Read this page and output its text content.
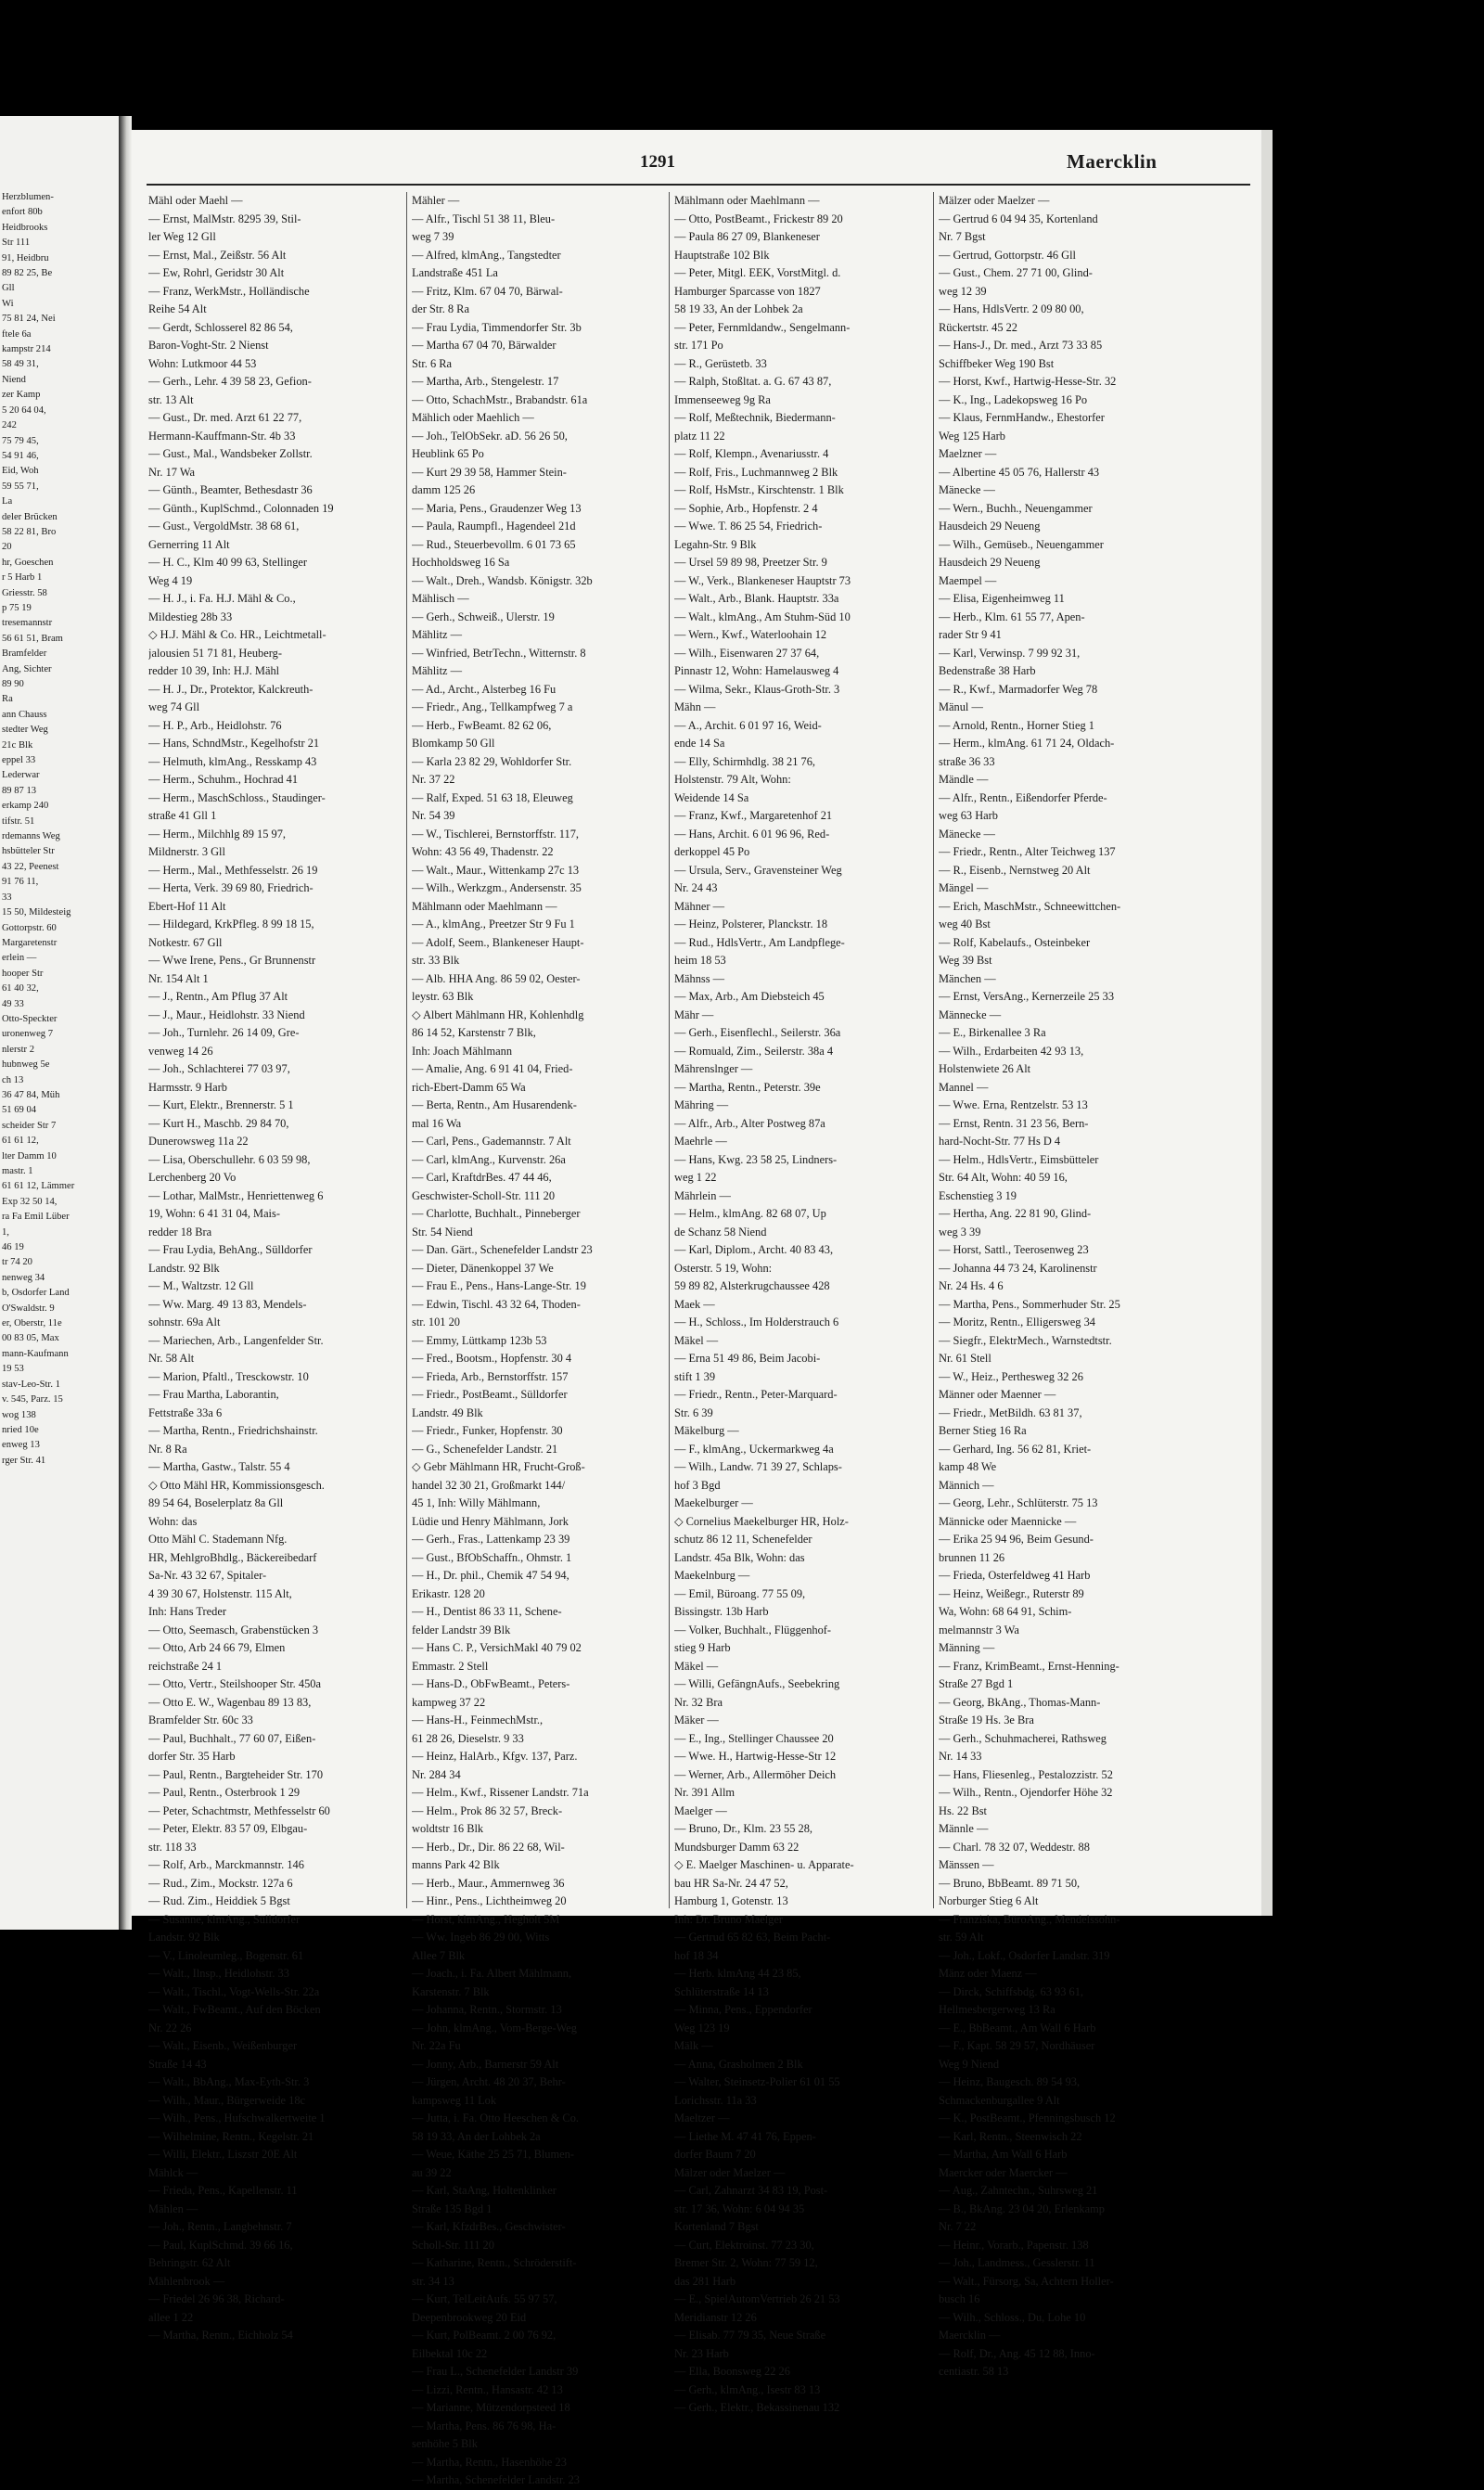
Herzblumen-
enfort 80b
Heidbrooks
Str 111
91, Heidbru
89 82 25, Be
Gll
Wi
75 81 24, Nei
ftele 6a
kampstr 214
58 49 31,
Niend
zer Kamp
5 20 64 04,
242
75 79 45,
54 91 46,
Eid, Woh
59 55 71,
La
deler Brücken
58 22 81, Bro
20
hr, Goeschen
r 5 Harb 1
Griesstr. 58
p 75 19
tresemannstr
56 61 51, Bram
Bramfelder
Ang, Sichter
89 90
Ra
ann Chauss
stedter Weg
21c Blk
eppel 33
Lederwar
89 87 13
erkamp 240
tifstr. 51
rdemanns Weg
hsbütteler Str
43 22, Peenest
91 76 11,
33
15 50, Mildesteig
Gottorpstr. 60
Margaretenstr
erlein —
hooper Str
61 40 32,
49 33
Otto-Speckter
uronenweg 7
nlerstr 2
hubnweg 5e
ch 13
36 47 84, Müh
51 69 04
scheider Str 7
61 61 12,
lter Damm 10
mastr. 1
61 61 12, Lämmer
Exp 32 50 14,
ra Fa Emil Lüber
1,
46 19
tr 74 20
nenweg 34
b, Osdorfer Land
O'Swaldstr. 9
er, Oberstr, 11e
00 83 05, Max
mann-Kaufmann
19 53
stav-Leo-Str. 1
v. 545, Parz. 15
wog 138
nried 10e
enweg 13
rger Str. 41
1291	Maercklin
Mähl oder Maehl —
— Ernst, MalMstr. 8295 39, Stil-
ler Weg 12 Gll
— Ernst, Mal., Zeißstr. 56 Alt
— Ew, Rohrl, Geridstr 30 Alt
— Franz, WerkMstr., Holländische
Reihe 54 Alt
— Gerdt, Schlosserel 82 86 54,
Baron-Voght-Str. 2 Nienst
Wohn: Lutkmoor 44 53
— Gerh., Lehr. 4 39 58 23, Gefion-
str. 13 Alt
— Gust., Dr. med. Arzt 61 22 77,
Hermann-Kauffmann-Str. 4b 33
— Gust., Mal., Wandsbeker Zollstr.
Nr. 17 Wa
— Günth., Beamter, Bethesdastr 36
— Günth., KuplSchmd., Colonnaden 19
— Gust., VergoldMstr. 38 68 61,
Gernerring 11 Alt
— H. C., Klm 40 99 63, Stellinger
Weg 4 19
— H. J., i. Fa. H.J. Mähl & Co.,
Mildestieg 28b 33
◇ H.J. Mähl & Co. HR., Leichtmetall-
jalousien 51 71 81, Heuberg-
redder 10 39, Inh: H.J. Mähl
— H. J., Dr., Protektor, Kalckreuth-
weg 74 Gll
— H. P., Arb., Heidlohstr. 76
— Hans, SchndMstr., Kegelhofstr 21
— Helmuth, klmAng., Resskamp 43
— Herm., Schuhm., Hochrad 41
— Herm., MaschSchloss., Staudinger-
straße 41 Gll 1
— Herm., Milchhlg 89 15 97,
Mildnerstr. 3 Gll
— Herm., Mal., Methfesselstr. 26 19
— Herta, Verk. 39 69 80, Friedrich-
Ebert-Hof 11 Alt
— Hildegard, KrkPfleg. 8 99 18 15,
Notkestr. 67 Gll
— Wwe Irene, Pens., Gr Brunnenstr
Nr. 154 Alt 1
— J., Rentn., Am Pflug 37 Alt
— J., Maur., Heidlohstr. 33 Niend
— Joh., Turnlehr. 26 14 09, Gre-
venweg 14 26
— Joh., Schlachterei 77 03 97,
Harmsstr. 9 Harb
— Kurt, Elektr., Brennerstr. 5 1
— Kurt H., Maschb. 29 84 70,
Dunerowsweg 11a 22
— Lisa, Oberschullehr. 6 03 59 98,
Lerchenberg 20 Vo
— Lothar, MalMstr., Henriettenweg 6
19, Wohn: 6 41 31 04, Mais-
redder 18 Bra
— Frau Lydia, BehAng., Sülldorfer
Landstr. 92 Blk
— M., Waltzstr. 12 Gll
— Ww. Marg. 49 13 83, Mendels-
sohnstr. 69a Alt
— Mariechen, Arb., Langenfelder Str.
Nr. 58 Alt
— Marion, Pfaltl., Tresckowstr. 10
— Frau Martha, Laborantin,
Fettstraße 33a 6
— Martha, Rentn., Friedrichshainstr.
Nr. 8 Ra
— Martha, Gastw., Talstr. 55 4
◇ Otto Mähl HR, Kommissionsgesch.
89 54 64, Boselerplatz 8a Gll
Wohn: das
Otto Mähl C. Stademann Nfg.
HR, MehlgroBhdlg., Bäckereibedarf
Sa-Nr. 43 32 67, Spitaler-
4 39 30 67, Holstenstr. 115 Alt,
Inh: Hans Treder
— Otto, Seemasch, Grabenstücken 3
— Otto, Arb 24 66 79, Elmen
reichstraße 24 1
— Otto, Vertr., Steilshooper Str. 450a
— Otto E. W., Wagenbau 89 13 83,
Bramfelder Str. 60c 33
— Paul, Buchhalt., 77 60 07, Eißen-
dorfer Str. 35 Harb
— Paul, Rentn., Bargteheider Str. 170
— Paul, Rentn., Osterbrook 1 29
— Peter, Schachtmstr, Methfesselstr 60
— Peter, Elektr. 83 57 09, Elbgau-
str. 118 33
— Rolf, Arb., Marckmannstr. 146
— Rud., Zim., Mockstr. 127a 6
— Rud. Zim., Heiddiek 5 Bgst
— Susanne, klmAng., Sülldorfer
Landstr. 92 Blk
— V., Linoleumleg., Bogenstr. 61
— Walt., Ilnsp., Heidlohstr. 33
— Walt., Tischl., Vogt-Wells-Str. 22a
— Walt., FwBeamt., Auf den Böcken
Nr. 22 26
— Walt., Eisenb., Weißenburger
Straße 14 43
— Walt., BbAng., Max-Eyth-Str. 3
— Wilh., Maur., Bürgerweide 18c
— Wilh., Pens., Hufschwalkertweite 1
— Wilhelmine, Rentn., Kegelstr. 21
— Willi, Elektr., Liszstr 20E Alt
Mählck —
— Frieda, Pens., Kapellenstr. 11
Mählen —
— Joh., Rentn., Langbehnstr. 7
— Paul, KuplSchmd. 39 66 16,
Behringstr. 62 Alt
Mählenbrook —
— Friedel 26 96 38, Richard-
allee 1 22
— Martha, Rentn., Eichholz 54
Mähler —
— Alfr., Tischl 51 38 11, Bleu-
weg 7 39
— Alfred, klmAng., Tangstedter
Landstraße 451 La
— Fritz, Klm. 67 04 70, Bärwal-
der Str. 8 Ra
— Frau Lydia, Timmendorfer Str. 3b
— Martha 67 04 70, Bärwalder
Str. 6 Ra
— Martha, Arb., Stengelestr. 17
— Otto, SchachMstr., Brabandstr. 61a
Mählich oder Maehlich —
— Joh., TelObSekr. aD. 56 26 50,
Heublink 65 Po
— Kurt 29 39 58, Hammer Stein-
damm 125 26
— Maria, Pens., Graudenzer Weg 13
— Paula, Raumpfl., Hagendeel 21d
— Rud., Steuerbevollm. 6 01 73 65
Hochholdsweg 16 Sa
— Walt., Dreh., Wandsb. Königstr. 32b
Mählisch —
— Gerh., Schweiß., Ulerstr. 19
Mählitz —
— Winfried, BetrTechn., Witternstr. 8
Mählitz —
— Ad., Archt., Alsterbeg 16 Fu
— Friedr., Ang., Tellkampfweg 7 a
— Herb., FwBeamt. 82 62 06,
Blomkamp 50 Gll
— Karla 23 82 29, Wohldorfer Str.
Nr. 37 22
— Ralf, Exped. 51 63 18, Eleuweg
Nr. 54 39
— W., Tischlerei, Bernstorffstr. 117,
Wohn: 43 56 49, Thadenstr. 22
— Walt., Maur., Wittenkamp 27c 13
— Wilh., Werkzgm., Andersenstr. 35
Mählmann oder Maehlmann —
— A., klmAng., Preetzer Str 9 Fu 1
— Adolf, Seem., Blankeneser Haupt-
str. 33 Blk
— Alb. HHA Ang. 86 59 02, Oester-
leystr. 63 Blk
◇ Albert Mählmann HR, Kohlenhdlg
86 14 52, Karstenstr 7 Blk,
Inh: Joach Mählmann
— Amalie, Ang. 6 91 41 04, Fried-
rich-Ebert-Damm 65 Wa
— Berta, Rentn., Am Husarendenk-
mal 16 Wa
— Carl, Pens., Gademannstr. 7 Alt
— Carl, klmAng., Kurvenstr. 26a
— Carl, KraftdrBes. 47 44 46,
Geschwister-Scholl-Str. 111 20
— Charlotte, Buchhalt., Pinneberger
Str. 54 Niend
— Dan. Gärt., Schenefelder Landstr 23
— Dieter, Dänenkoppel 37 We
— Frau E., Pens., Hans-Lange-Str. 19
— Edwin, Tischl. 43 32 64, Thoden-
str. 101 20
— Emmy, Lüttkamp 123b 53
— Fred., Bootsm., Hopfenstr. 30 4
— Frieda, Arb., Bernstorffstr. 157
— Friedr., PostBeamt., Sülldorfer
Landstr. 49 Blk
— Friedr., Funker, Hopfenstr. 30
— G., Schenefelder Landstr. 21
◇ Gebr Mählmann HR, Frucht-Groß-
handel 32 30 21, Großmarkt 144/
45 1, Inh: Willy Mählmann,
Lüdie und Henry Mählmann, Jork
— Gerh., Fras., Lattenkamp 23 39
— Gust., BfObSchaffn., Ohmstr. 1
— H., Dr. phil., Chemik 47 54 94,
Erikastr. 128 20
— H., Dentist 86 33 11, Schene-
felder Landstr 39 Blk
— Hans C. P., VersichMakl 40 79 02
Emmastr. 2 Stell
— Hans-D., ObFwBeamt., Peters-
kampweg 37 22
— Hans-H., FeinmechMstr.,
61 28 26, Dieselstr. 9 33
— Heinz, HalArb., Kfgv. 137, Parz.
Nr. 284 34
— Helm., Kwf., Rissener Landstr. 71a
— Helm., Prok 86 32 57, Breck-
woldtstr 16 Blk
— Herb., Dr., Dir. 86 22 68, Wil-
manns Park 42 Blk
— Herb., Maur., Ammernweg 36
— Hinr., Pens., Lichtheimweg 20
— Horst, klmAng., Hegholt 5M
— Ww. Ingeb 86 29 00, Witts
Allee 7 Blk
— Joach., i. Fa. Albert Mählmann,
Karstenstr. 7 Blk
— Johanna, Rentn., Stormstr. 13
— John, klmAng., Vom-Berge-Weg
Nr. 22a Fu
— Jonny, Arb., Barnerstr 59 Alt
— Jürgen, Archt. 48 20 37, Behr-
kampsweg 11 Lok
— Jutta, i. Fa. Otto Heeschen & Co.
58 19 33, An der Lohbek 2a
— Weue, Käthe 25 25 71, Blumen-
au 39 22
— Karl, StaAng, Holtenklinker
Straße 135 Bgd 1
— Karl, KfzdrBes., Geschwister-
Scholl-Str. 111 20
— Katharine, Rentn., Schröderstift-
str. 34 13
— Kurt, TelLeitAufs. 55 97 57,
Deepenbrookweg 20 Eid
— Kurt, PolBeamt. 2 00 76 92,
Eilbektal 10c 22
— Frau L., Schenefelder Landstr 39
— Lizzi, Rentn., Hansastr. 42 13
— Marianne, Mützendorpsteed 18
— Martha, Pens. 86 76 98, Ha-
senhöhe 5 Blk
— Martha, Rentn., Hasenhöhe 23
— Martha, Schenefelder Landstr. 23
Mählmann oder Maehlmann —
— Otto, PostBeamt., Frickestr 89 20
— Paula 86 27 09, Blankeneser
Hauptstraße 102 Blk
— Peter, Mitgl. EEK, VorstMitgl. d.
Hamburger Sparcasse von 1827
58 19 33, An der Lohbek 2a
— Peter, Fernmldandw., Sengelmann-
str. 171 Po
— R., Gerüstetb. 33
— Ralph, Stoßltat. a. G. 67 43 87,
Immenseeweg 9g Ra
— Rolf, Meßtechnik, Biedermann-
platz 11 22
— Rolf, Klempn., Avenariusstr. 4
— Rolf, Fris., Luchmannweg 2 Blk
— Rolf, HsMstr., Kirschtenstr. 1 Blk
— Sophie, Arb., Hopfenstr. 2 4
— Wwe. T. 86 25 54, Friedrich-
Legahn-Str. 9 Blk
— Ursel 59 89 98, Preetzer Str. 9
— W., Verk., Blankeneser Hauptstr 73
— Walt., Arb., Blank. Hauptstr. 33a
— Walt., klmAng., Am Stuhm-Süd 10
— Wern., Kwf., Waterloohain 12
— Wilh., Eisenwaren 27 37 64,
Pinnastr 12, Wohn: Hamelausweg 4
— Wilma, Sekr., Klaus-Groth-Str. 3
Mähn —
— A., Archit. 6 01 97 16, Weid-
ende 14 Sa
— Elly, Schirmhdlg. 38 21 76,
Holstenstr. 79 Alt, Wohn:
Weidende 14 Sa
— Franz, Kwf., Margaretenhof 21
— Hans, Archit. 6 01 96 96, Red-
derkoppel 45 Po
— Ursula, Serv., Gravensteiner Weg
Nr. 24 43
Mähner —
— Heinz, Polsterer, Planckstr. 18
— Rud., HdlsVertr., Am Landpflege-
heim 18 53
Mähnss —
— Max, Arb., Am Diebsteich 45
Mähr —
— Gerh., Eisenflechl., Seilerstr. 36a
— Romuald, Zim., Seilerstr. 38a 4
Mährenslnger —
— Martha, Rentn., Peterstr. 39e
Mähring —
— Alfr., Arb., Alter Postweg 87a
Maehrle —
— Hans, Kwg. 23 58 25, Lindners-
weg 1 22
Mährlein —
— Helm., klmAng. 82 68 07, Up
de Schanz 58 Niend
— Karl, Diplom., Archt. 40 83 43,
Osterstr. 5 19, Wohn:
59 89 82, Alsterkrugchaussee 428
Maek —
— H., Schloss., Im Holderstrauch 6
Mäkel —
— Erna 51 49 86, Beim Jacobi-
stift 1 39
— Friedr., Rentn., Peter-Marquard-
Str. 6 39
Mäkelburg —
— F., klmAng., Uckermarkweg 4a
— Wilh., Landw. 71 39 27, Schlaps-
hof 3 Bgd
Maekelburger —
◇ Cornelius Maekelburger HR, Holz-
schutz 86 12 11, Schenefelder
Landstr. 45a Blk, Wohn: das
Maekelnburg —
— Emil, Büroang. 77 55 09,
Bissingstr. 13b Harb
— Volker, Buchhalt., Flüggenhof-
stieg 9 Harb
Mäkel —
— Willi, GefängnAufs., Seebekring
Nr. 32 Bra
Mäker —
— E., Ing., Stellinger Chaussee 20
— Wwe. H., Hartwig-Hesse-Str 12
— Werner, Arb., Allermöher Deich
Nr. 391 Allm
Maelger —
— Bruno, Dr., Klm. 23 55 28,
Mundsburger Damm 63 22
◇ E. Maelger Maschinen- u. Apparate-
bau HR Sa-Nr. 24 47 52,
Hamburg 1, Gotenstr. 13
Inh: Dr. Bruno Maelger
— Gertrud 65 82 63, Beim Pacht-
hof 18 34
— Herb. klmAng 44 23 85,
Schlüterstraße 14 13
— Minna, Pens., Eppendorfer
Weg 123 19
Mälk —
— Anna, Grasholmen 2 Blk
— Walter, Steinsetz-Polier 61 01 55
Lorichsstr. 11a 33
Maeltzer —
— Liethe M. 47 41 76, Eppen-
dorfer Baum 7 20
Mälzer oder Maelzer —
— Carl, Zahnarzt 34 83 19, Post-
str. 17 36, Wohn: 6 04 94 35
Kortenland 7 Bgst
— Curt, Elektroinst. 77 23 30,
Bremer Str. 2, Wohn: 77 59 12,
das 281 Harb
— E., SpielAutomVertrieb 26 21 53
Meridianstr 12 26
— Elisab. 77 79 35, Neue Straße
Nr. 23 Harb
— Ella, Boonsweg 22 26
— Gerh., klmAng., Isestr 83 13
— Gerh., Elektr., Bekassinenau 132
Mälzer oder Maelzer —
— Gertrud 6 04 94 35, Kortenland
Nr. 7 Bgst
— Gertrud, Gottorpstr. 46 Gll
— Gust., Chem. 27 71 00, Glind-
weg 12 39
— Hans, HdlsVertr. 2 09 80 00,
Rückertstr. 45 22
— Hans-J., Dr. med., Arzt 73 33 85
Schiffbeker Weg 190 Bst
— Horst, Kwf., Hartwig-Hesse-Str. 32
— K., Ing., Ladekopsweg 16 Po
— Klaus, FernmHandw., Ehestorfer
Weg 125 Harb
Maelzner —
— Albertine 45 05 76, Hallerstr 43
Mänecke —
— Wern., Buchh., Neuengammer
Hausdeich 29 Neueng
— Wilh., Gemüseb., Neuengammer
Hausdeich 29 Neueng
Maempel —
— Elisa, Eigenheimweg 11
— Herb., Klm. 61 55 77, Apen-
rader Str 9 41
— Karl, Verwinsp. 7 99 92 31,
Bedenstraße 38 Harb
— R., Kwf., Marmadorfer Weg 78
Mänul —
— Arnold, Rentn., Horner Stieg 1
— Herm., klmAng. 61 71 24, Oldach-
straße 36 33
Mändle —
— Alfr., Rentn., Eißendorfer Pferde-
weg 63 Harb
Mänecke —
— Friedr., Rentn., Alter Teichweg 137
— R., Eisenb., Nernstweg 20 Alt
Mängel —
— Erich, MaschMstr., Schneewittchen-
weg 40 Bst
— Rolf, Kabelaufs., Osteinbeker
Weg 39 Bst
Mänchen —
— Ernst, VersAng., Kernerzeile 25 33
Männecke —
— E., Birkenallee 3 Ra
— Wilh., Erdarbeiten 42 93 13,
Holstenwiete 26 Alt
Mannel —
— Wwe. Erna, Rentzelstr. 53 13
— Ernst, Rentn. 31 23 56, Bern-
hard-Nocht-Str. 77 Hs D 4
— Helm., HdlsVertr., Eimsbütteler
Str. 64 Alt, Wohn: 40 59 16,
Eschenstieg 3 19
— Hertha, Ang. 22 81 90, Glind-
weg 3 39
— Horst, Sattl., Teerosenweg 23
— Johanna 44 73 24, Karolinenstr
Nr. 24 Hs. 4 6
— Martha, Pens., Sommerhuder Str. 25
— Moritz, Rentn., Elligersweg 34
— Siegfr., ElektrMech., Warnstedtstr.
Nr. 61 Stell
— W., Heiz., Perthesweg 32 26
Männer oder Maenner —
— Friedr., MetBildh. 63 81 37,
Berner Stieg 16 Ra
— Gerhard, Ing. 56 62 81, Kriet-
kamp 48 We
Männich —
— Georg, Lehr., Schlüterstr. 75 13
Männicke oder Maennicke —
— Erika 25 94 96, Beim Gesund-
brunnen 11 26
— Frieda, Osterfeldweg 41 Harb
— Heinz, Weißegr., Ruterstr 89
Wa, Wohn: 68 64 91, Schim-
melmannstr 3 Wa
Männing —
— Franz, KrimBeamt., Ernst-Henning-
Straße 27 Bgd 1
— Georg, BkAng., Thomas-Mann-
Straße 19 Hs. 3e Bra
— Gerh., Schuhmacherei, Rathsweg
Nr. 14 33
— Hans, Fliesenleg., Pestalozzistr. 52
— Wilh., Rentn., Ojendorfer Höhe 32
Hs. 22 Bst
Männle —
— Charl. 78 32 07, Weddestr. 88
Mänssen —
— Bruno, BbBeamt. 89 71 50,
Norburger Stieg 6 Alt
— Franziska, BüroAng., Mendelssohn-
str. 59 Alt
— Joh., Lokf., Osdorfer Landstr. 319
Mänz oder Maenz —
— Dirck, Schiffsbdg. 63 93 61,
Hellmesbergerweg 13 Ra
— E., BbBeamt., Am Wall 6 Harb
— F., Kapt. 58 29 57, Nordhäuser
Weg 9 Niend
— Heinz, Baugesch. 89 54 93,
Schmackenburgallee 9 Alt
— K., PostBeamt., Pfenningsbusch 12
— Karl, Rentn., Steenwisch 22
— Martha, Am Wall 6 Harb
Maercker oder Maercker —
— Aug., Zahntechn., Suhrsweg 21
— B., BkAng. 23 04 20, Erlenkamp
Nr. 7 22
— Heinr., Vorarb., Papenstr. 138
— Joh., Landmess., Gesslerstr. 11
— Walt., Fürsorg, Sa, Achtern Holler-
busch 16
— Wilh., Schloss., Du, Lohe 10
Maercklin —
— Rolf, Dr., Ang. 45 12 88, Inno-
centiastr. 58 13
